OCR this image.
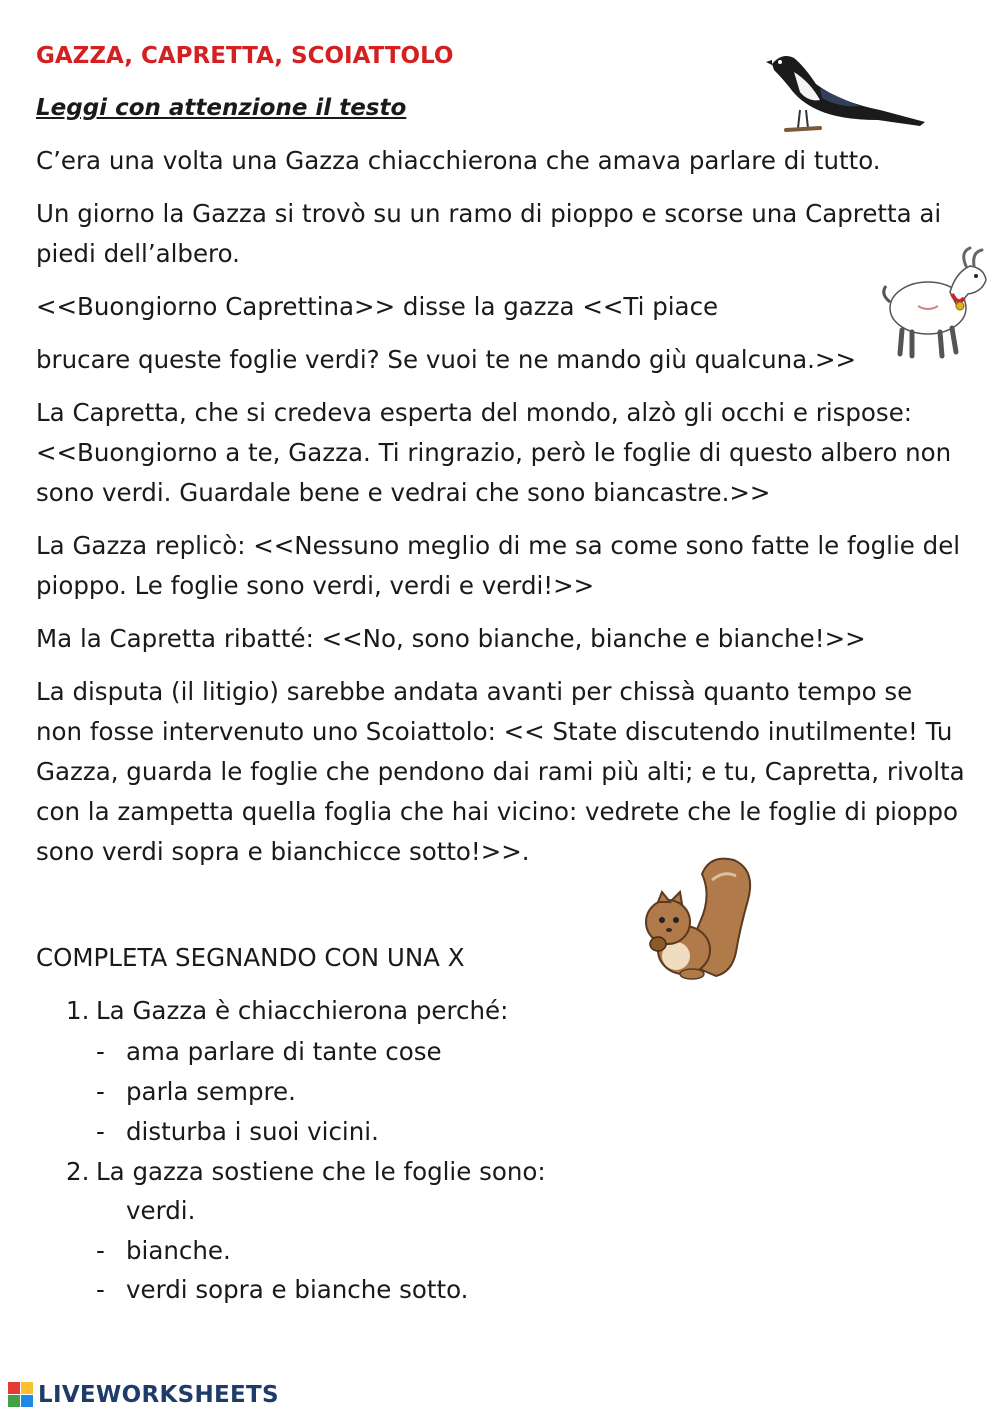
GAZZA, CAPRETTA, SCOIATTOLO
Leggi con attenzione il testo
C’era una volta una Gazza chiacchierona che amava parlare di tutto.
Un giorno la Gazza si trovò su un ramo di pioppo e scorse una Capretta ai piedi dell’albero.
<<Buongiorno Caprettina>> disse la gazza <<Ti piace
brucare queste foglie verdi? Se vuoi te ne mando giù qualcuna.>>
La Capretta, che si credeva esperta del mondo, alzò gli occhi e rispose: <<Buongiorno a te, Gazza. Ti ringrazio, però le foglie di questo albero non sono verdi. Guardale bene e vedrai che sono biancastre.>>
La Gazza replicò: <<Nessuno meglio di me sa come sono fatte le foglie del pioppo. Le foglie sono verdi, verdi e verdi!>>
Ma la Capretta ribatté: <<No, sono bianche, bianche e bianche!>>
La disputa (il litigio) sarebbe andata avanti per chissà quanto tempo se non fosse intervenuto uno Scoiattolo: << State discutendo inutilmente! Tu Gazza, guarda le foglie che pendono dai rami più alti; e tu, Capretta, rivolta con la zampetta quella foglia che hai vicino: vedrete che le foglie di pioppo sono verdi sopra e bianchicce sotto!>>.
COMPLETA SEGNANDO CON UNA X
1. La Gazza è chiacchierona perché:
- ama parlare di tante cose
- parla sempre.
- disturba i suoi vicini.
2. La gazza sostiene che le foglie sono:
verdi.
- bianche.
- verdi sopra e bianche sotto.
LIVEWORKSHEETS
